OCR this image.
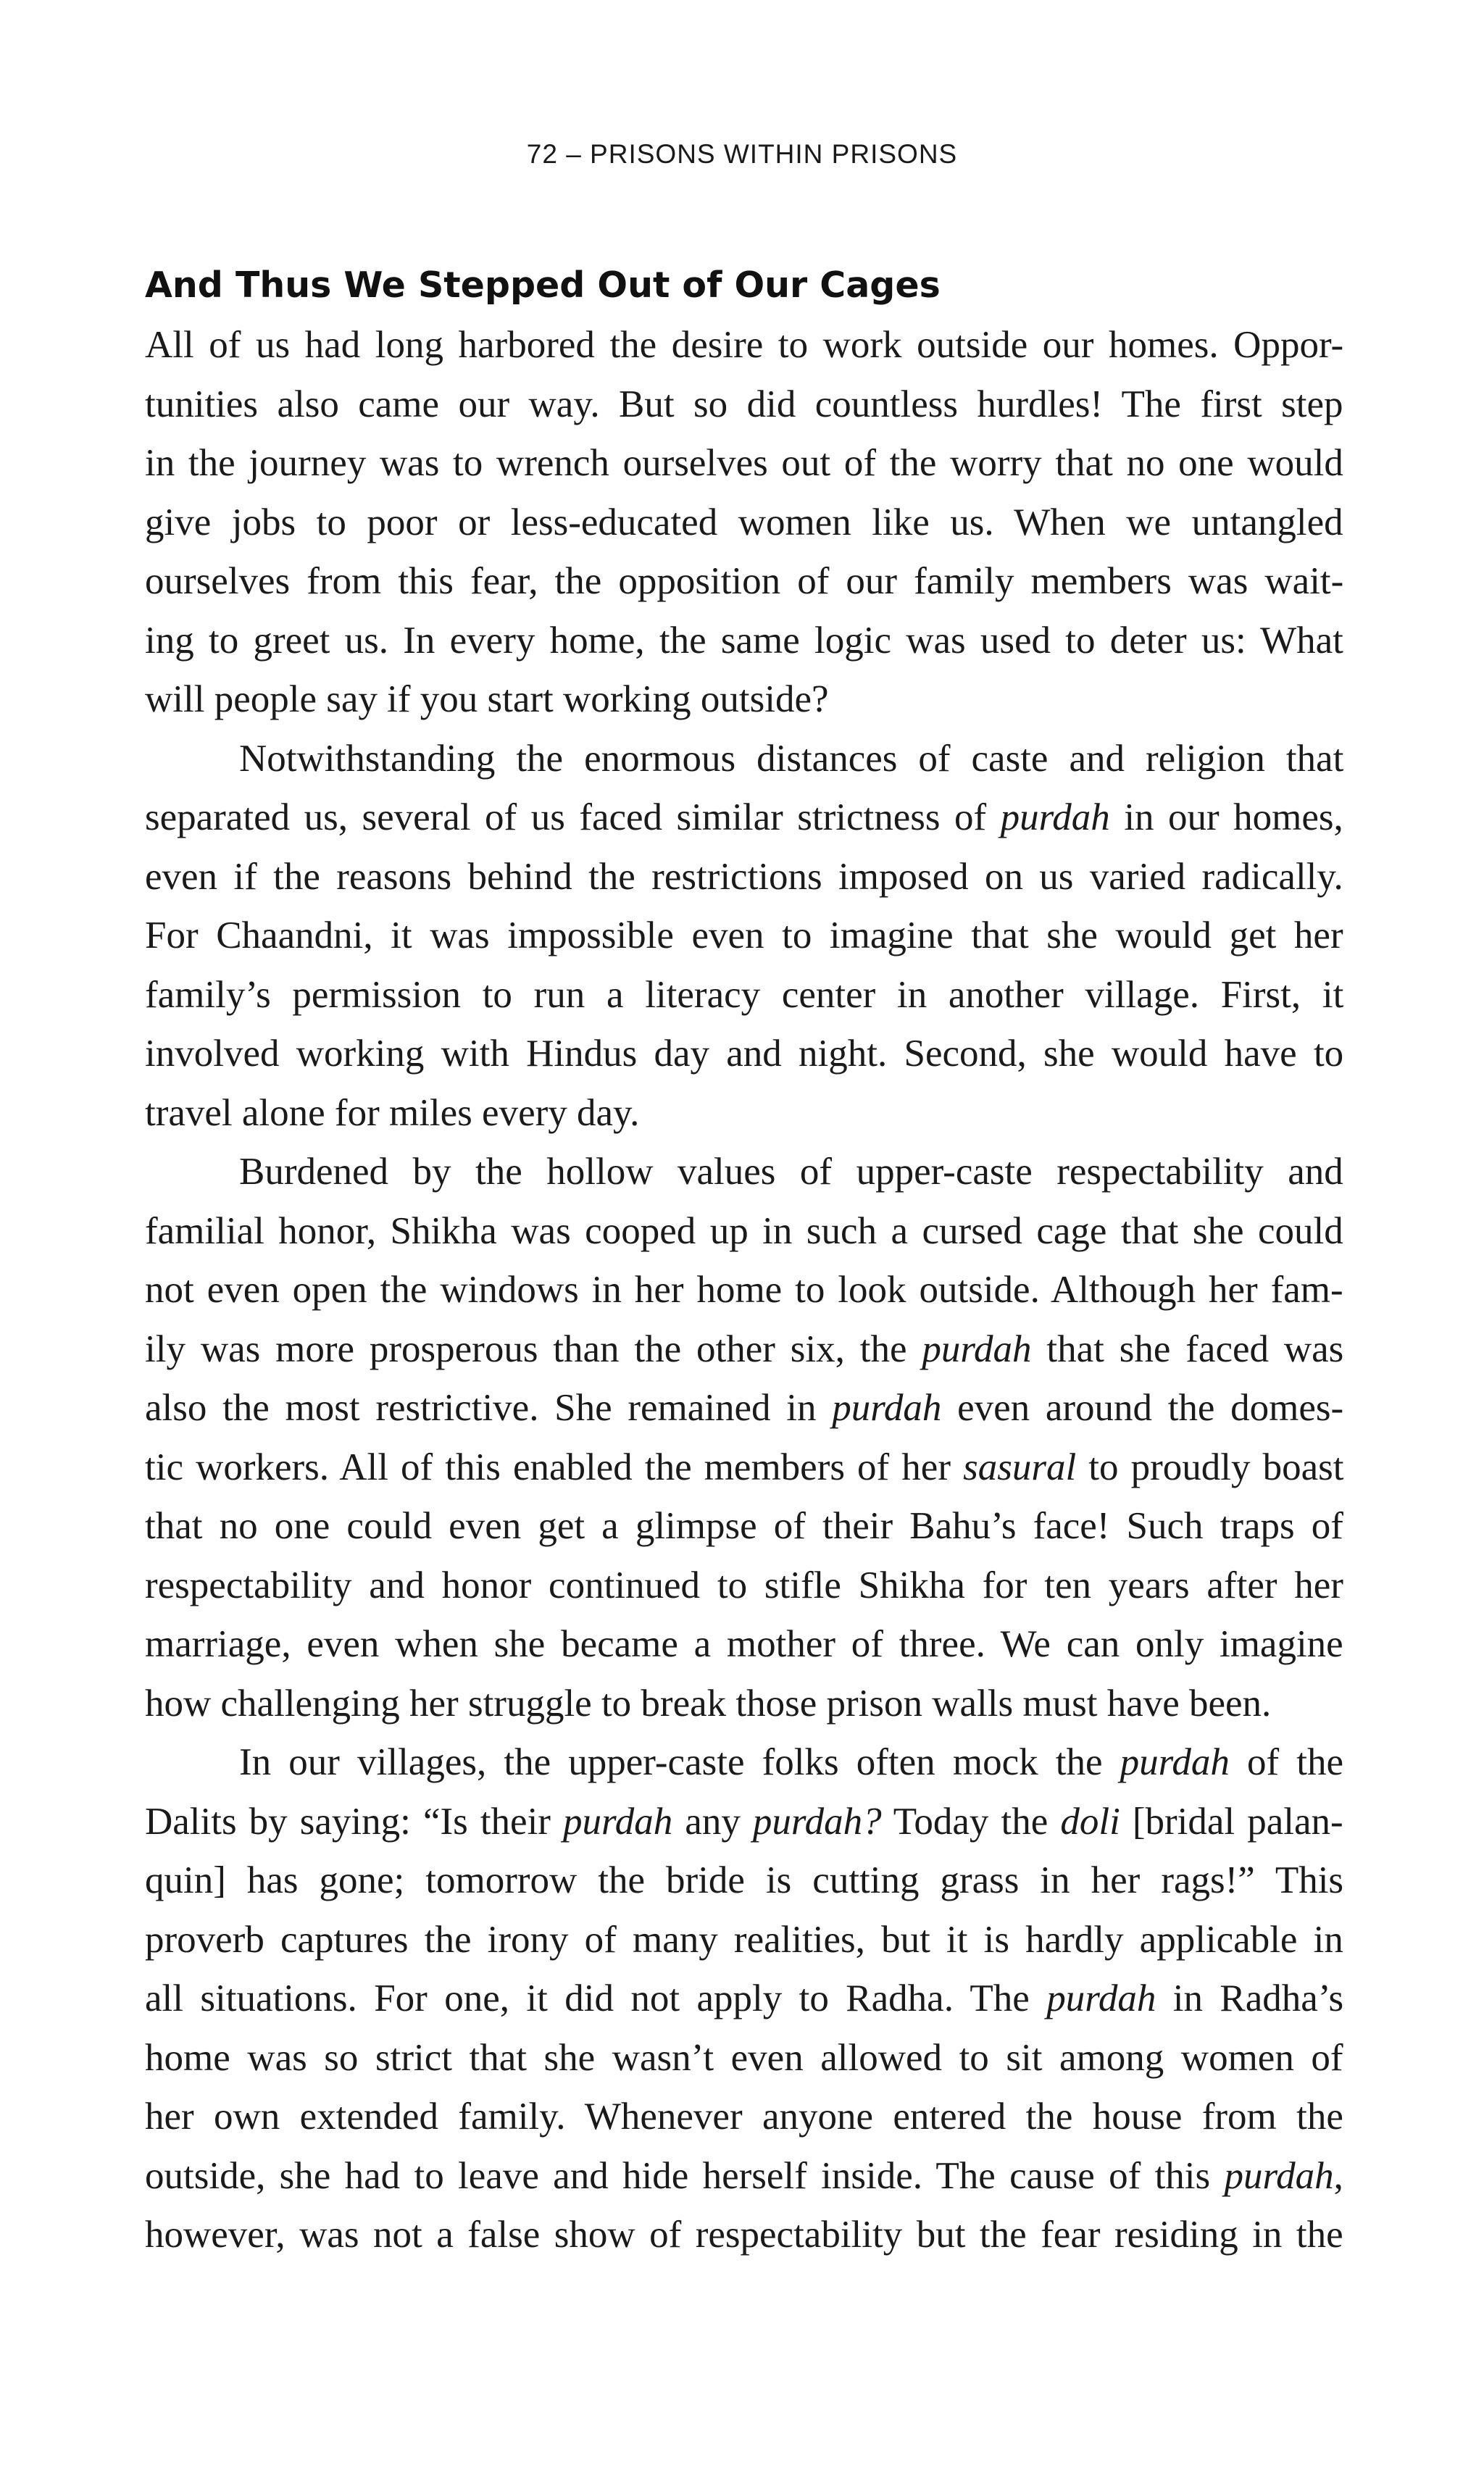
72 – PRISONS WITHIN PRISONS
And Thus We Stepped Out of Our Cages
All of us had long harbored the desire to work outside our homes. Oppor-
tunities also came our way. But so did countless hurdles! The first step
in the journey was to wrench ourselves out of the worry that no one would
give jobs to poor or less-educated women like us. When we untangled
ourselves from this fear, the opposition of our family members was wait-
ing to greet us. In every home, the same logic was used to deter us: What
will people say if you start working outside?
Notwithstanding the enormous distances of caste and religion that
separated us, several of us faced similar strictness of purdah in our homes,
even if the reasons behind the restrictions imposed on us varied radically.
For Chaandni, it was impossible even to imagine that she would get her
family’s permission to run a literacy center in another village. First, it
involved working with Hindus day and night. Second, she would have to
travel alone for miles every day.
Burdened by the hollow values of upper-caste respectability and
familial honor, Shikha was cooped up in such a cursed cage that she could
not even open the windows in her home to look outside. Although her fam-
ily was more prosperous than the other six, the purdah that she faced was
also the most restrictive. She remained in purdah even around the domes-
tic workers. All of this enabled the members of her sasural to proudly boast
that no one could even get a glimpse of their Bahu’s face! Such traps of
respectability and honor continued to stifle Shikha for ten years after her
marriage, even when she became a mother of three. We can only imagine
how challenging her struggle to break those prison walls must have been.
In our villages, the upper-caste folks often mock the purdah of the
Dalits by saying: “Is their purdah any purdah? Today the doli [bridal palan-
quin] has gone; tomorrow the bride is cutting grass in her rags!” This
proverb captures the irony of many realities, but it is hardly applicable in
all situations. For one, it did not apply to Radha. The purdah in Radha’s
home was so strict that she wasn’t even allowed to sit among women of
her own extended family. Whenever anyone entered the house from the
outside, she had to leave and hide herself inside. The cause of this purdah,
however, was not a false show of respectability but the fear residing in the
